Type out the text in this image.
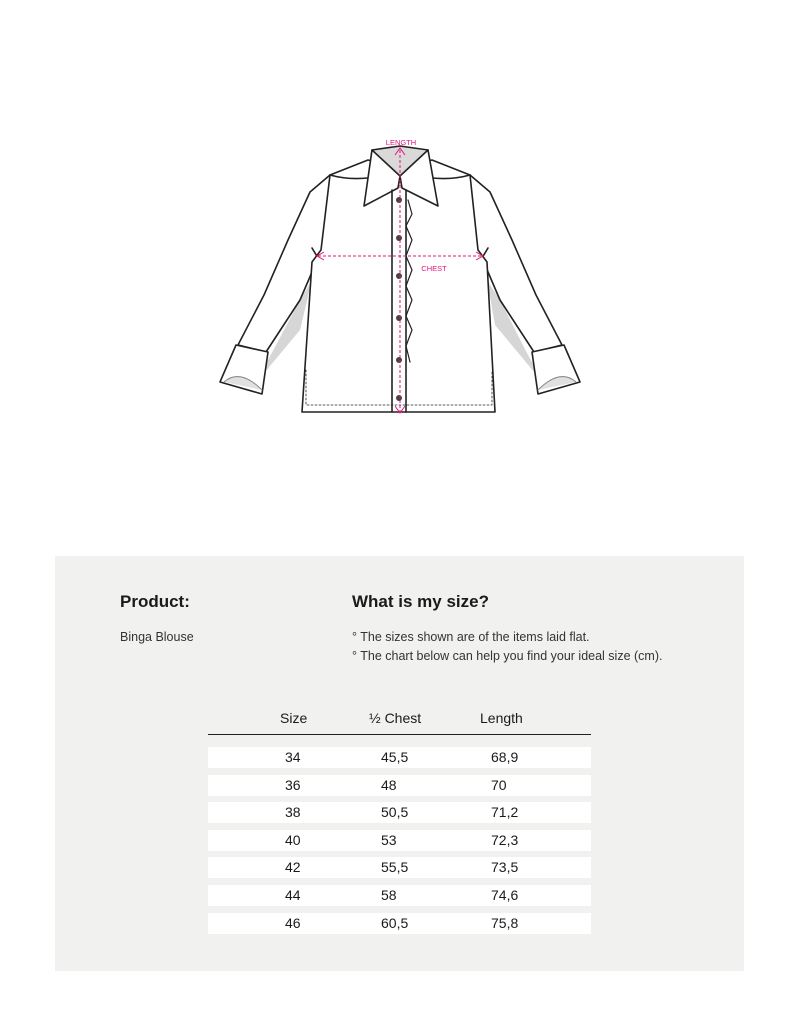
LENGTH
CHEST
Product:
Binga Blouse
What is my size?
° The sizes shown are of the items laid flat.
° The chart below can help you find your ideal size (cm).
Size	½ Chest	Length
34	45,5	68,9
36	48	70
38	50,5	71,2
40	53	72,3
42	55,5	73,5
44	58	74,6
46	60,5	75,8
